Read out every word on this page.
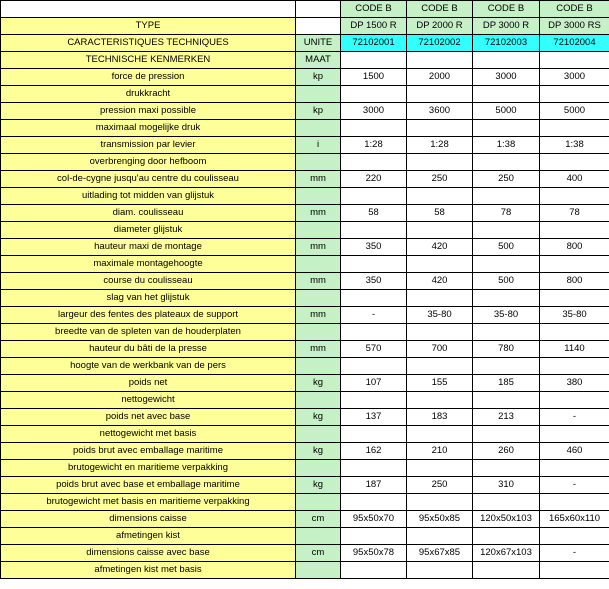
		CODE B	CODE B	CODE B	CODE B
TYPE		DP 1500 R	DP 2000 R	DP 3000 R	DP 3000 RS
CARACTERISTIQUES TECHNIQUES	UNITE	72102001	72102002	72102003	72102004
TECHNISCHE KENMERKEN	MAAT				
force de pression	kp	1500	2000	3000	3000
drukkracht					
pression maxi possible	kp	3000	3600	5000	5000
maximaal mogelijke druk					
transmission par levier	i	1:28	1:28	1:38	1:38
overbrenging door hefboom					
col-de-cygne jusqu'au centre du coulisseau	mm	220	250	250	400
uitlading tot midden van glijstuk					
diam. coulisseau	mm	58	58	78	78
diameter glijstuk					
hauteur maxi de montage	mm	350	420	500	800
maximale montagehoogte					
course du coulisseau	mm	350	420	500	800
slag van het glijstuk					
largeur des fentes des plateaux de support	mm	-	35-80	35-80	35-80
breedte van de spleten van de houderplaten					
hauteur du bâti de la presse	mm	570	700	780	1140
hoogte van de werkbank van de pers					
poids net	kg	107	155	185	380
nettogewicht					
poids net avec base	kg	137	183	213	-
nettogewicht met basis					
poids brut avec emballage maritime	kg	162	210	260	460
brutogewicht en maritieme verpakking					
poids brut avec base et emballage maritime	kg	187	250	310	-
brutogewicht met basis en maritieme verpakking					
dimensions caisse	cm	95x50x70	95x50x85	120x50x103	165x60x110
afmetingen kist					
dimensions caisse avec base	cm	95x50x78	95x67x85	120x67x103	-
afmetingen kist met basis					
